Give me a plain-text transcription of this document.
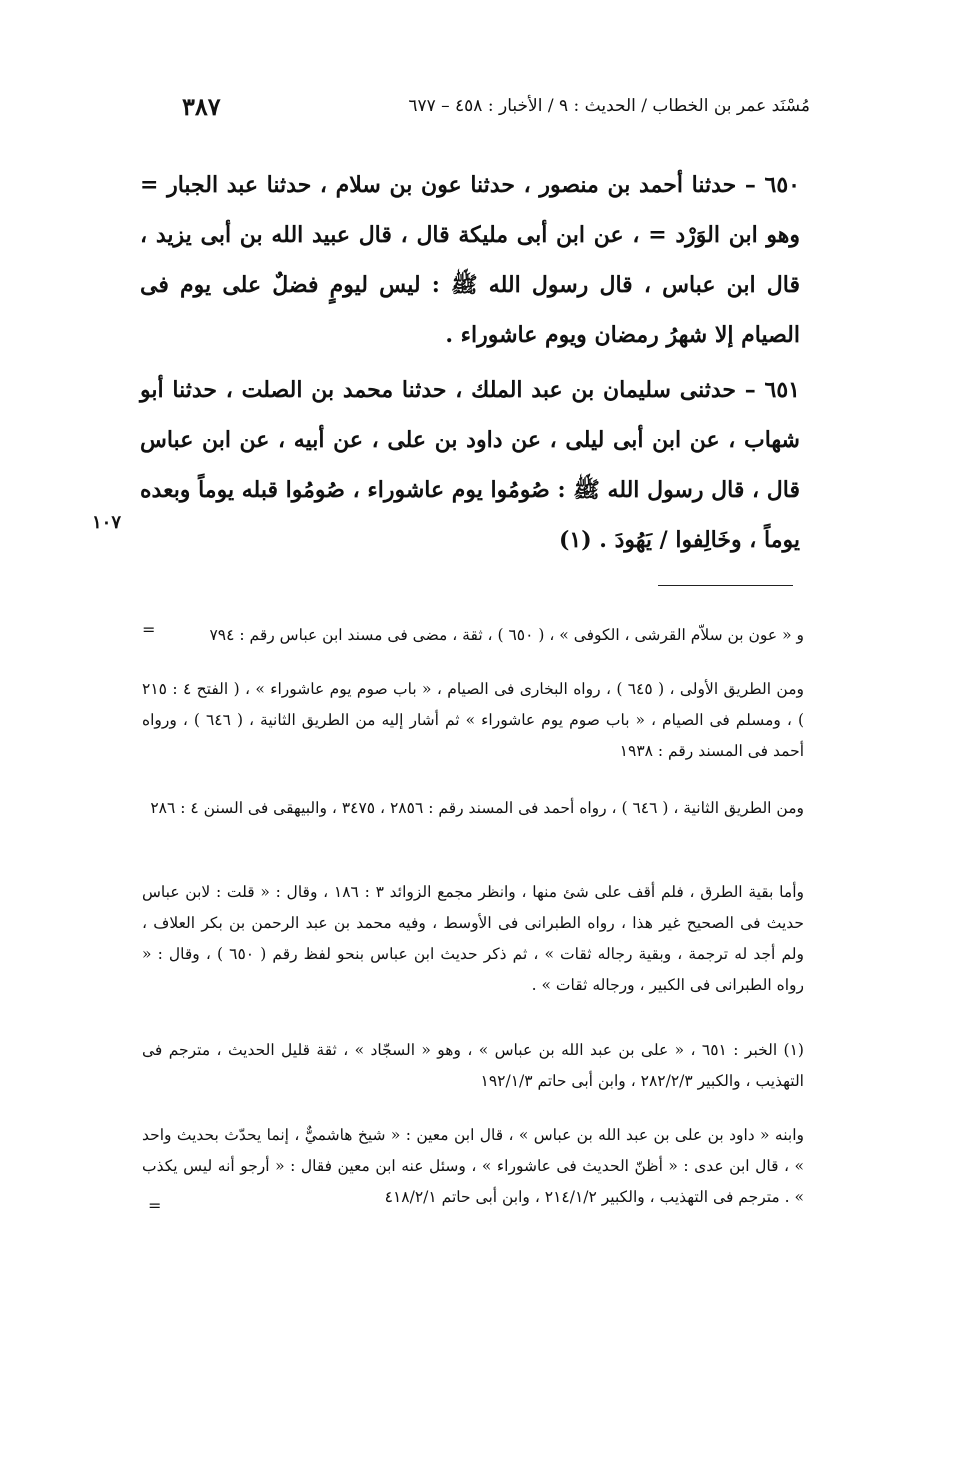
مُسْنَد عمر بن الخطاب / الحديث : ٩ / الأخبار : ٤٥٨ – ٦٧٧
٣٨٧

٦٥٠ – حدثنا أحمد بن منصور ، حدثنا عون بن سلام ، حدثنا عبد الجبار = وهو ابن الوَرْد = ، عن ابن أبى مليكة قال ، قال عبيد الله بن أبى يزيد ، قال ابن عباس ، قال رسول الله ﷺ : ليس ليومٍ فضلٌ على يوم فى الصيام إلا شهرُ رمضان ويوم عاشوراء .

٦٥١ – حدثنى سليمان بن عبد الملك ، حدثنا محمد بن الصلت ، حدثنا أبو شهاب ، عن ابن أبى ليلى ، عن داود بن على ، عن أبيه ، عن ابن عباس قال ، قال رسول الله ﷺ : صُومُوا يوم عاشوراء ، صُومُوا قبله يوماً وبعده يوماً ، وخَالِفوا / يَهُودَ . (١)

١٠٧

و « عون بن سلاّم القرشى ، الكوفى » ، ( ٦٥٠ ) ، ثقة ، مضى فى مسند ابن عباس رقم : ٧٩٤

=

ومن الطريق الأولى ، ( ٦٤٥ ) ، رواه البخارى فى الصيام ، « باب صوم يوم عاشوراء » ، ( الفتح ٤ : ٢١٥ ) ، ومسلم فى الصيام ، « باب صوم يوم عاشوراء » ثم أشار إليه من الطريق الثانية ، ( ٦٤٦ ) ، ورواه أحمد فى المسند رقم : ١٩٣٨

ومن الطريق الثانية ، ( ٦٤٦ ) ، رواه أحمد فى المسند رقم : ٢٨٥٦ ، ٣٤٧٥ ، والبيهقى فى السنن ٤ : ٢٨٦

وأما بقية الطرق ، فلم أقف على شئ منها ، وانظر مجمع الزوائد ٣ : ١٨٦ ، وقال : « قلت : لابن عباس حديث فى الصحيح غير هذا ، رواه الطبرانى فى الأوسط ، وفيه محمد بن عبد الرحمن بن بكر العلاف ، ولم أجد له ترجمة ، وبقية رجاله ثقات » ، ثم ذكر حديث ابن عباس بنحو لفظ رقم ( ٦٥٠ ) ، وقال : « رواه الطبرانى فى الكبير ، ورجاله ثقات » .

(١) الخبر : ٦٥١ ، « على بن عبد الله بن عباس » ، وهو « السجّاد » ، ثقة قليل الحديث ، مترجم فى التهذيب ، والكبير ٢٨٢/٢/٣ ، وابن أبى حاتم ١٩٢/١/٣

وابنه « داود بن على بن عبد الله بن عباس » ، قال ابن معين : « شيخ هاشميٌّ ، إنما يحدّث بحديث واحد » ، قال ابن عدى : « أظنّ الحديث فى عاشوراء » ، وسئل عنه ابن معين فقال : « أرجو أنه ليس يكذب » . مترجم فى التهذيب ، والكبير ٢١٤/١/٢ ، وابن أبى حاتم ٤١٨/٢/١

=
